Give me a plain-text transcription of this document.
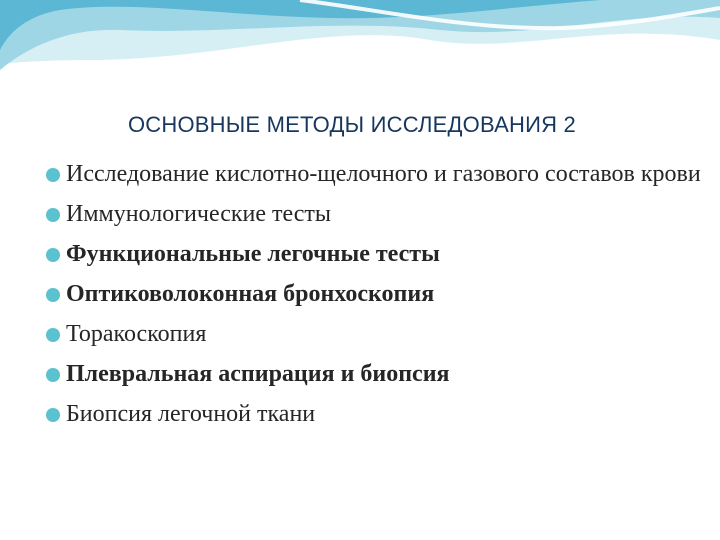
ОСНОВНЫЕ МЕТОДЫ ИССЛЕДОВАНИЯ 2
Исследование кислотно-щелочного и газового составов крови
Иммунологические тесты
Функциональные легочные тесты
Оптиковолоконная бронхоскопия
Торакоскопия
Плевральная аспирация и биопсия
Биопсия легочной ткани
